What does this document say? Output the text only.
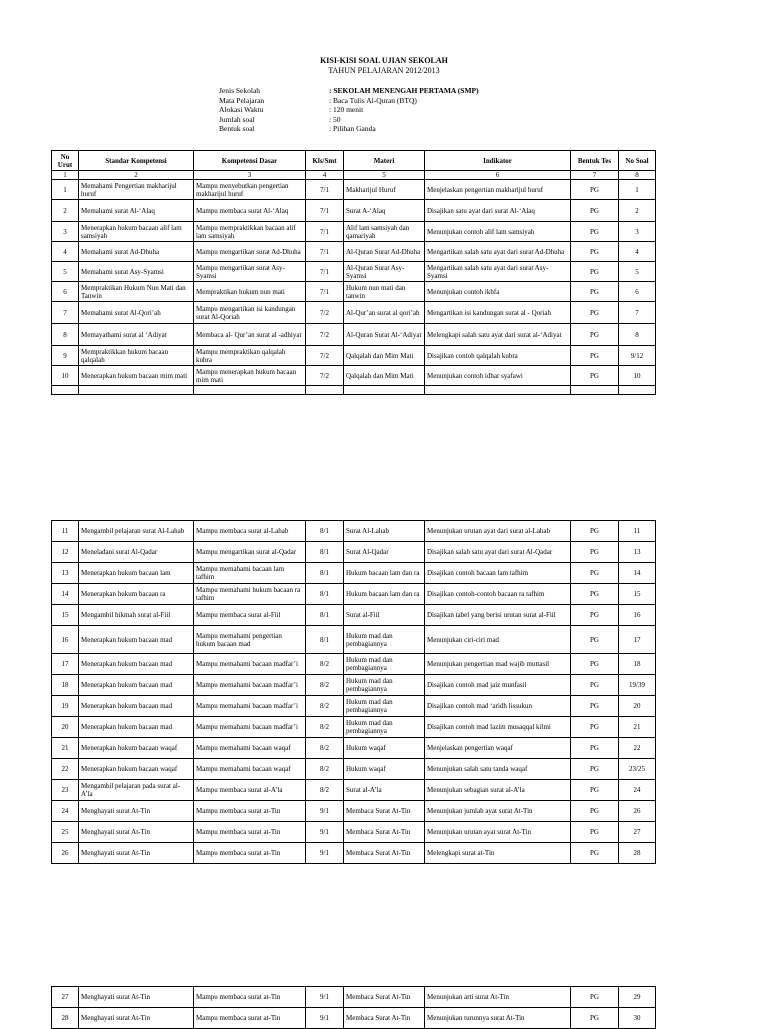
KISI-KISI SOAL UJIAN SEKOLAH
TAHUN PELAJARAN 2012/2013
Jenis Sekolah	: SEKOLAH MENENGAH PERTAMA (SMP)
Mata Pelajaran	: Baca Tulis Al-Quran (BTQ)
Alokasi Waktu	: 120 menit
Jumlah soal	: 50
Bentuk soal	: Pilihan Ganda
No Urut	Standar Kompetensi	Kompetensi Dasar	Kls/Smt	Materi	Indikator	Bentuk Tes	No Soal
1	2	3	4	5	6	7	8
1	Memahami Pengertian makharijul huruf	Mampu menyebutkan pengertian makharijul huruf	7/1	Makharijul Huruf	Menjelaskan pengertian makharijul huruf	PG	1
2	Memahami surat Al-‘Alaq	Mampu membaca surat Al-‘Alaq	7/1	Surat A-‘Alaq	Disajikan satu ayat dari surat Al-‘Alaq	PG	2
3	Menerapkan hukum bacaan alif lam samsiyah	Mampu mempraktikkan bacaan alif lam samsiyah	7/1	Alif lam samsiyah dan qamariyah	Menunjukan contoh alif lam samsiyah	PG	3
4	Memahami surat Ad-Dhuha	Mampu mengartikan surat Ad-Dhuha	7/1	Al-Quran Surat Ad-Dhuha	Mengartikan salah satu ayat dari surat Ad-Dhuha	PG	4
5	Memahami surat Asy-Syamsi	Mampu mengartikan surat Asy-Syamsi	7/1	Al-Quran Surat Asy-Syamsi	Mengartikan salah satu ayat dari surat Asy-Syamsi	PG	5
6	Mempraktikan Hukum Nun Mati dan Tanwin	Mempraktikan hukum nun mati	7/1	Hukum nun mati dan tanwin	Menunjukan contoh ikhfa	PG	6
7	Memahami surat Al-Qori’ah	Mampu mengartikan isi kandungan surat Al-Qoriah	7/2	Al-Qur’an surat al qori’ah	Mengartikan isi kandungan surat al - Qoriah	PG	7
8	Memayathami surat al ‘Adiyat	Membaca al- Qur’an surat al -adhiyat	7/2	Al-Quran Surat Al-‘Adiyat	Melengkapi salah satu ayat dari surat al-‘Adiyat	PG	8
9	Mempraktikkan hukum bacaan qalqalah	Mampu mempraktikan qalqalah kubra	7/2	Qalqalah dan Mim Mati	Disajikan contoh qalqalah kubra	PG	9/12
10	Menerapkan hukum bacaan mim mati	Mampu menerapkan hukum bacaan mim mati	7/2	Qalqalah dan Mim Mati	Menunjukan contoh idhar syafawi	PG	10

11	Mengambil pelajaran surat Al-Lahab	Mampu membaca surat al-Lahab	8/1	Surat Al-Lahab	Menunjukan urutan ayat dari surat al-Lahab	PG	11
12	Meneladani surat Al-Qadar	Mampu mengartikan surat al-Qadar	8/1	Surat Al-Qadar	Disajikan salah satu ayat dari surat Al-Qadar	PG	13
13	Menerapkan hukum bacaan lam	Mampu memahami bacaan lam tafhim	8/1	Hukum bacaan lam dan ra	Disajikan contoh bacaan lam tafhim	PG	14
14	Menerapkan hukum bacaan ra	Mampu memahami hukum bacaan ra tafhim	8/1	Hukum bacaan lam dan ra	Disajikan contoh-contoh bacaan ra tafhim	PG	15
15	Mengambil hikmah surat al-Fiil	Mampu membaca surat al-Fiil	8/1	Surat al-Fiil	Disajikan tabel yang berisi urutan surat al-Fiil	PG	16
16	Menerapkan hukum bacaan mad	Mampu memahami pengertian hukum bacaan mad	8/1	Hukum mad dan pembagiannya	Menunjukan ciri-ciri mad	PG	17
17	Menerapkan hukum bacaan mad	Mampu memahami bacaan madfar’i	8/2	Hukum mad dan pembagiannya	Menunjukan pengertian mad wajib muttasil	PG	18
18	Menerapkan hukum bacaan mad	Mampu memahami bacaan madfar’i	8/2	Hukum mad dan pembagiannya	Disajikan contoh mad jaiz munfasil	PG	19/39
19	Menerapkan hukum bacaan mad	Mampu memahami bacaan madfar’i	8/2	Hukum mad dan pembagiannya	Disajikan contoh mad ‘aridh lissukun	PG	20
20	Menerapkan hukum bacaan mad	Mampu memahami bacaan madfar’i	8/2	Hukum mad dan pembagiannya	Disajikan contoh mad lazim musaqqal kilmi	PG	21
21	Menerapkan hukum bacaan waqaf	Mampu memahami bacaan waqaf	8/2	Hukum waqaf	Menjelaskan pengertian waqaf	PG	22
22	Menerapkan hukum bacaan waqaf	Mampu memahami bacaan waqaf	8/2	Hukum waqaf	Menunjukan salah satu tanda waqaf	PG	23/25
23	Mengambil pelajaran pada surat al-A’la	Mampu membaca surat al-A’la	8/2	Surat al-A’la	Menunjukan sebagian surat al-A’la	PG	24
24	Menghayati surat At-Tin	Mampu membaca surat at-Tin	9/1	Membaca Surat At-Tin	Menunjukan jumlah ayat surat At-Tin	PG	26
25	Menghayati surat At-Tin	Mampu membaca surat at-Tin	9/1	Membaca Surat At-Tin	Menunjukan urutan ayat surat At-Tin	PG	27
26	Menghayati surat At-Tin	Mampu membaca surat at-Tin	9/1	Membaca Surat At-Tin	Melengkapi surat at-Tin	PG	28
27	Menghayati surat At-Tin	Mampu membaca surat at-Tin	9/1	Membaca Surat At-Tin	Menunjukan arti surat At-Tin	PG	29
28	Menghayati surat At-Tin	Mampu membaca surat at-Tin	9/1	Membaca Surat At-Tin	Menunjukan turunnya surat At-Tin	PG	30
